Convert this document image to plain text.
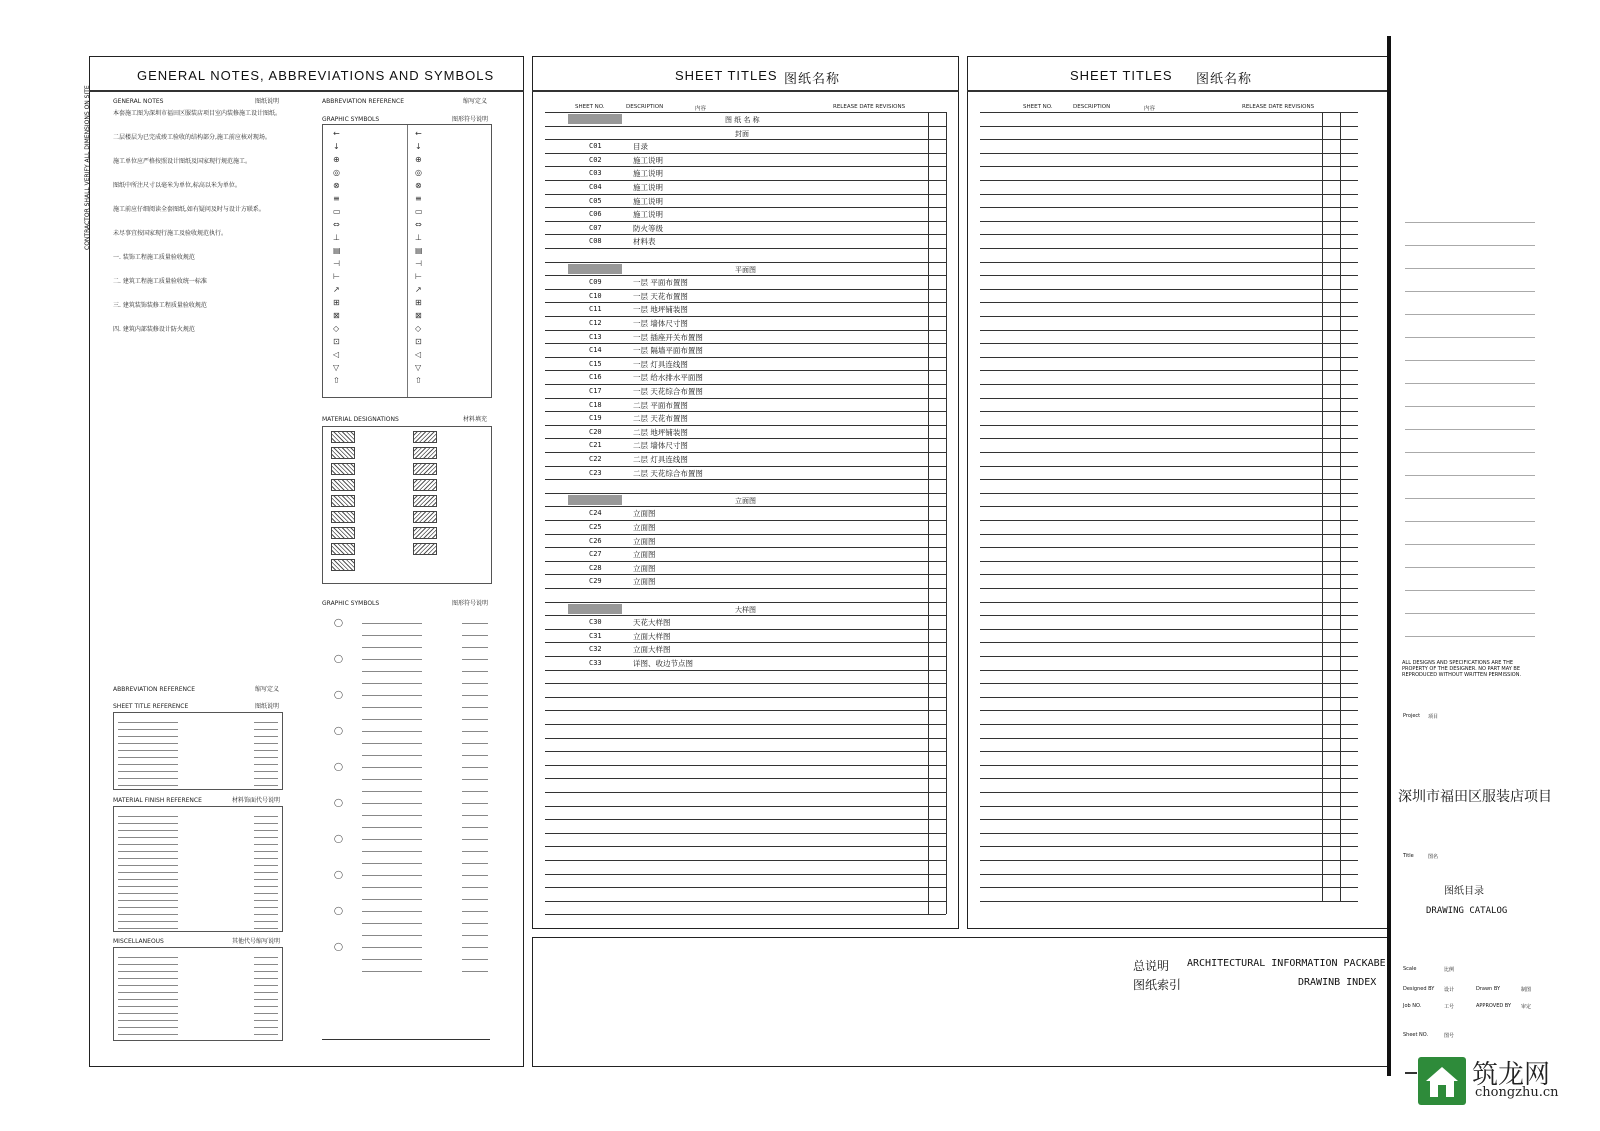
GENERAL NOTES, ABBREVIATIONS AND SYMBOLS
GENERAL NOTES	图纸说明
CONTRACTOR SHALL VERIFY ALL DIMENSIONS ON SITE	本套施工图为深圳市福田区服装店项目室内装修施工设计图纸。
二层楼层为已完成竣工验收的结构部分,施工前应核对现场。
施工单位应严格按照设计图纸及国家现行规范施工。
图纸中所注尺寸以毫米为单位,标高以米为单位。
施工前应仔细阅读全套图纸,如有疑问及时与设计方联系。
未尽事宜按国家现行施工及验收规范执行。
一. 装饰工程施工质量验收规范
二. 建筑工程施工质量验收统一标准
三. 建筑装饰装修工程质量验收规范
四. 建筑内部装修设计防火规范
ABBREVIATION REFERENCE	缩写定义
SHEET TITLE REFERENCE	图纸说明
MATERIAL FINISH REFERENCE	材料饰面代号说明
MISCELLANEOUS	其他代号缩写说明
ABBREVIATION REFERENCE	缩写定义
GRAPHIC SYMBOLS	图形符号说明
←	←
↓	↓
⊕	⊕
◎	◎
⊗	⊗
≡	≡
▭	▭
⇔	⇔
⊥	⊥
▤	▤
⊣	⊣
⊢	⊢
↗	↗
⊞	⊞
⊠	⊠
◇	◇
⊡	⊡
◁	◁
▽	▽
⇧	⇧
MATERIAL DESIGNATIONS	材料填充
GRAPHIC SYMBOLS	图形符号说明
◯
◯
◯
◯
◯
◯
◯
◯
◯
◯
SHEET TITLES 图纸名称
SHEET NO.	DESCRIPTION	内容	RELEASE DATE REVISIONS
图 纸 名 称
封面
C01	目录
C02	施工说明
C03	施工说明
C04	施工说明
C05	施工说明
C06	施工说明
C07	防火等级
C08	材料表
平面图
C09	一层 平面布置图
C10	一层 天花布置图
C11	一层 地坪铺装图
C12	一层 墙体尺寸图
C13	一层 插座开关布置图
C14	一层 隔墙平面布置图
C15	一层 灯具连线图
C16	一层 给水排水平面图
C17	一层 天花综合布置图
C18	二层 平面布置图
C19	二层 天花布置图
C20	二层 地坪铺装图
C21	二层 墙体尺寸图
C22	二层 灯具连线图
C23	二层 天花综合布置图
立面图
C24	立面图
C25	立面图
C26	立面图
C27	立面图
C28	立面图
C29	立面图
大样图
C30	天花大样图
C31	立面大样图
C32	立面大样图
C33	详图、收边节点图
SHEET TITLES 图纸名称
SHEET NO.	DESCRIPTION	内容	RELEASE DATE REVISIONS
总说明 ARCHITECTURAL INFORMATION PACKABE
图纸索引	DRAWINB INDEX
ALL DESIGNS AND SPECIFICATIONS ARE THE PROPERTY OF THE DESIGNER. NO PART MAY BE REPRODUCED WITHOUT WRITTEN PERMISSION.
Project 项目
深圳市福田区服装店项目
Title	图名
图纸目录
DRAWING CATALOG
Scale	比例
Designed BY 设计	Drawn BY	制图
Job NO.	工号	APPROVED BY 审定
Sheet NO.	图号
筑龙网
chongzhu.cn
